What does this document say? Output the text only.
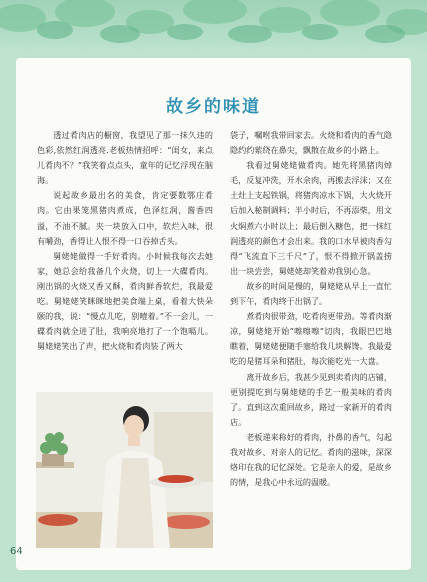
故乡的味道

透过肴肉店的橱窗，我望见了那一抹久违的色彩,依然红润透亮.老板热情招呼：“闺女，来点儿肴肉不？”我笑着点点头，童年的记忆浮现在脑海。

说起故乡最出名的美食，肯定要数鄂庄肴肉。它由果笼黑猪肉煮成，色泽红润，酱香四溢，不油不腻。夹一块放入口中，软烂入味，很有嚼劲，香得让人恨不得一口吞掉舌头。

舅姥姥做得一手好肴肉。小时候我每次去她家，她总会给我备几个火烧，切上一大碟肴肉。刚出锅的火烧又香又酥，肴肉鲜香软烂，我最爱吃。舅姥姥笑眯眯地把美食端上桌，看着大快朵颐的我，说：“慢点儿吃，别噎着。”不一会儿，一碟肴肉就全进了肚，我响亮地打了一个饱嗝儿。舅姥姥笑出了声，把火烧和肴肉装了两大

袋子，嘱咐我带回家去。火烧和肴肉的香气隐隐约约萦绕在鼻尖，飘散在故乡的小路上。

我看过舅姥姥做肴肉。她先将黑猪肉焯毛，反复冲洗，开水余肉，再搬去浮沫；又在土灶上支起铁锅，将猪肉凉水下锅，大火烧开后加入秘制调料；半小时后，不再添柴，用文火焖煮六小时以上；最后倒入糖色，把一抹红润透亮的颜色才会出来。我的口水早被肉香勾得“飞流直下三千尺”了，恨不得掀开锅盖捞出一块尝尝，舅姥姥却笑着劝我别心急。

故乡的时间是慢的，舅姥姥从早上一直忙到下午，肴肉终于出锅了。

煮肴肉很带劲，吃肴肉更带劲。等肴肉渐凉，舅姥姥开始“嚓嚓嚓”切肉，我眼巴巴地瞧着，舅姥姥便随手塞给我几块解馋。我最爱吃的是猪耳朵和猪肚，每次能吃光一大盘。

离开故乡后，我甚少见到卖肴肉的店铺，更别提吃到与舅姥姥的手艺一般美味的肴肉了。直到这次重回故乡，路过一家新开的肴肉店。

老板递来称好的肴肉，扑鼻的香气，勾起我对故乡、对亲人的记忆。肴肉的滋味，深深烙印在我的记忆深处。它是亲人的爱，是故乡的情，是我心中永远的温暖。

64
